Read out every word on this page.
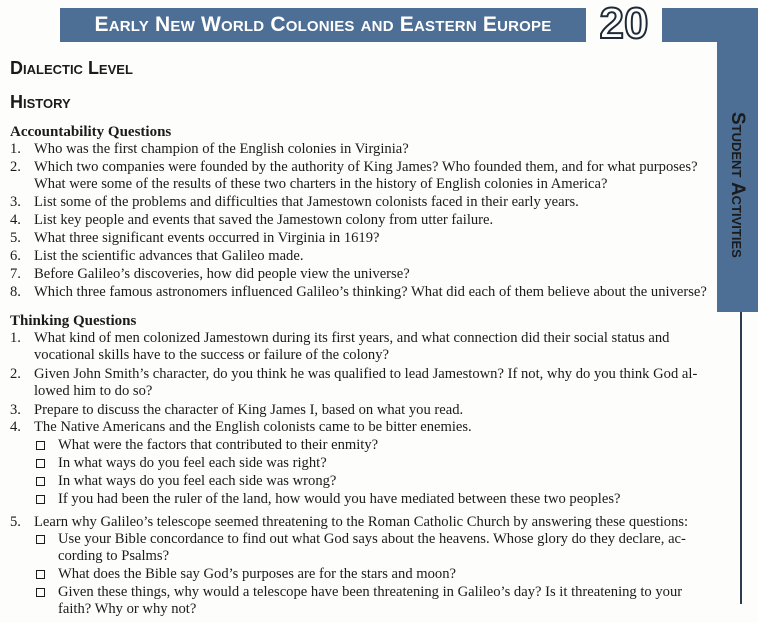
Early New World Colonies and Eastern Europe	20
Student Activities
Dialectic Level
History
Accountability Questions
1. Who was the first champion of the English colonies in Virginia?
2. Which two companies were founded by the authority of King James? Who founded them, and for what purposes?
What were some of the results of these two charters in the history of English colonies in America?
3. List some of the problems and difficulties that Jamestown colonists faced in their early years.
4. List key people and events that saved the Jamestown colony from utter failure.
5. What three significant events occurred in Virginia in 1619?
6. List the scientific advances that Galileo made.
7. Before Galileo’s discoveries, how did people view the universe?
8. Which three famous astronomers influenced Galileo’s thinking? What did each of them believe about the universe?
Thinking Questions
1. What kind of men colonized Jamestown during its first years, and what connection did their social status and
vocational skills have to the success or failure of the colony?
2. Given John Smith’s character, do you think he was qualified to lead Jamestown? If not, why do you think God al-
lowed him to do so?
3. Prepare to discuss the character of King James I, based on what you read.
4. The Native Americans and the English colonists came to be bitter enemies.
What were the factors that contributed to their enmity?
In what ways do you feel each side was right?
In what ways do you feel each side was wrong?
If you had been the ruler of the land, how would you have mediated between these two peoples?
5. Learn why Galileo’s telescope seemed threatening to the Roman Catholic Church by answering these questions:
Use your Bible concordance to find out what God says about the heavens. Whose glory do they declare, ac-
cording to Psalms?
What does the Bible say God’s purposes are for the stars and moon?
Given these things, why would a telescope have been threatening in Galileo’s day? Is it threatening to your
faith? Why or why not?
